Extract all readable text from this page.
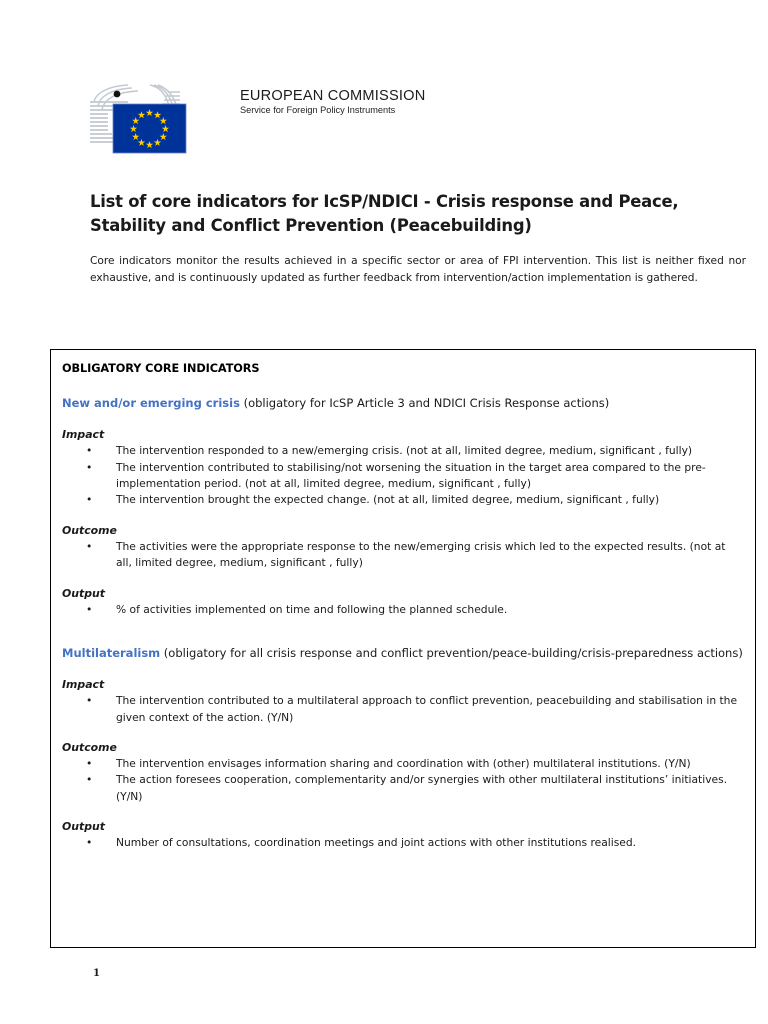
EUROPEAN COMMISSION
Service for Foreign Policy Instruments
List of core indicators for IcSP/NDICI - Crisis response and Peace, Stability and Conflict Prevention (Peacebuilding)
Core indicators monitor the results achieved in a specific sector or area of FPI intervention. This list is neither fixed nor exhaustive, and is continuously updated as further feedback from intervention/action implementation is gathered.
OBLIGATORY CORE INDICATORS

New and/or emerging crisis (obligatory for IcSP Article 3 and NDICI Crisis Response actions)

Impact
• The intervention responded to a new/emerging crisis. (not at all, limited degree, medium, significant , fully)
• The intervention contributed to stabilising/not worsening the situation in the target area compared to the pre-implementation period. (not at all, limited degree, medium, significant , fully)
• The intervention brought the expected change. (not at all, limited degree, medium, significant , fully)
Outcome
• The activities were the appropriate response to the new/emerging crisis which led to the expected results. (not at all, limited degree, medium, significant , fully)
Output
• % of activities implemented on time and following the planned schedule.

Multilateralism (obligatory for all crisis response and conflict prevention/peace-building/crisis-preparedness actions)

Impact
• The intervention contributed to a multilateral approach to conflict prevention, peacebuilding and stabilisation in the given context of the action. (Y/N)
Outcome
• The intervention envisages information sharing and coordination with (other) multilateral institutions. (Y/N)
• The action foresees cooperation, complementarity and/or synergies with other multilateral institutions’ initiatives. (Y/N)
Output
• Number of consultations, coordination meetings and joint actions with other institutions realised.
1
